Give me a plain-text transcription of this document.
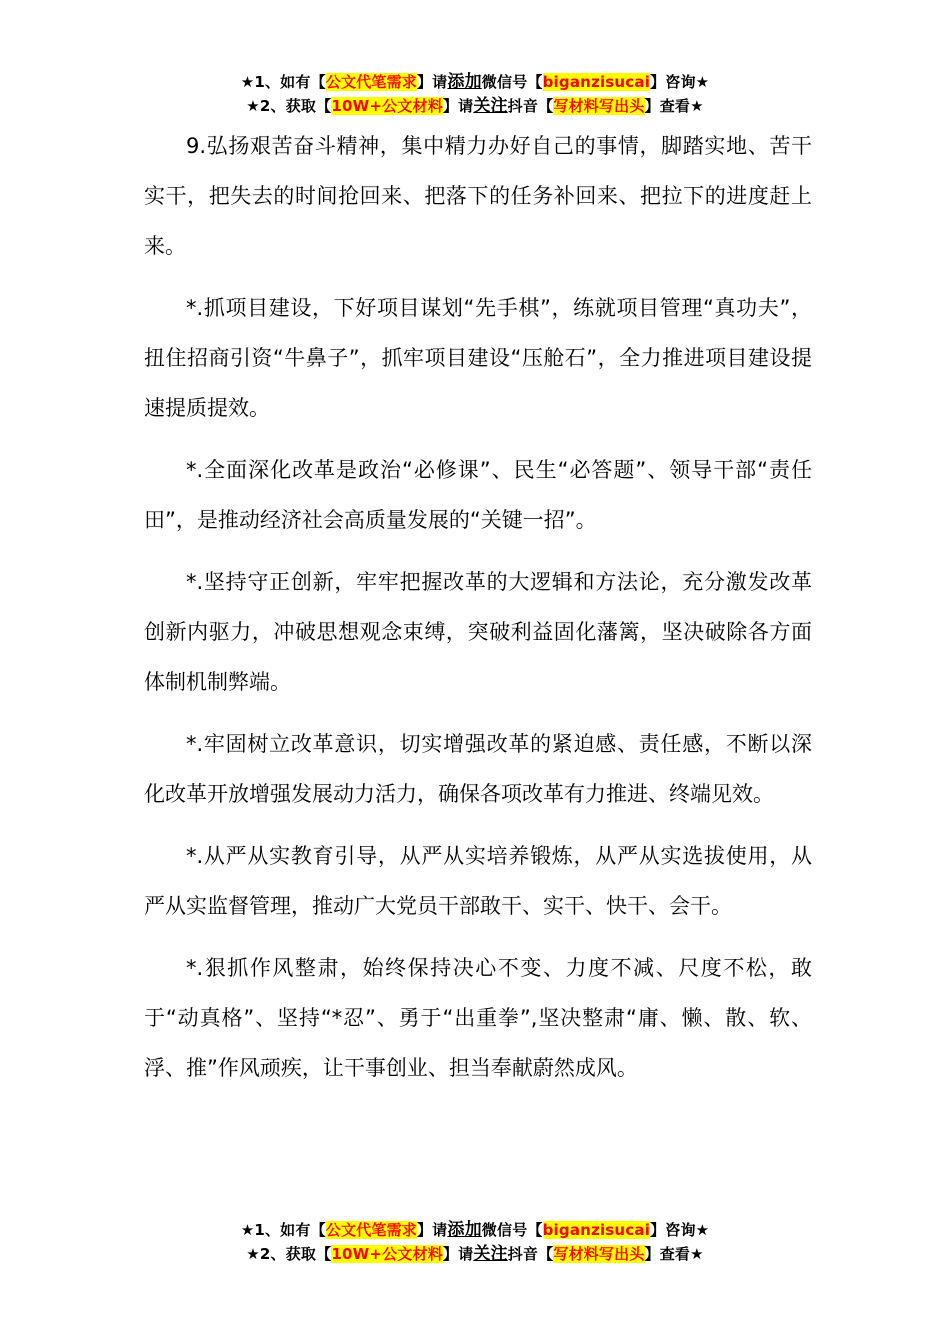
★1、如有【公文代笔需求】请添加微信号【biganzisucai】咨询★
★2、获取【10W+公文材料】请关注抖音【写材料写出头】查看★

9.弘扬艰苦奋斗精神，集中精力办好自己的事情，脚踏实地、苦干实干，把失去的时间抢回来、把落下的任务补回来、把拉下的进度赶上来。

*.抓项目建设，下好项目谋划“先手棋”，练就项目管理“真功夫”，扭住招商引资“牛鼻子”，抓牢项目建设“压舱石”，全力推进项目建设提速提质提效。

*.全面深化改革是政治“必修课”、民生“必答题”、领导干部“责任田”，是推动经济社会高质量发展的“关键一招”。

*.坚持守正创新，牢牢把握改革的大逻辑和方法论，充分激发改革创新内驱力，冲破思想观念束缚，突破利益固化藩篱，坚决破除各方面体制机制弊端。

*.牢固树立改革意识，切实增强改革的紧迫感、责任感，不断以深化改革开放增强发展动力活力，确保各项改革有力推进、终端见效。

*.从严从实教育引导，从严从实培养锻炼，从严从实选拔使用，从严从实监督管理，推动广大党员干部敢干、实干、快干、会干。

*.狠抓作风整肃，始终保持决心不变、力度不减、尺度不松，敢于“动真格”、坚持“*忍”、勇于“出重拳”,坚决整肃“庸、懒、散、软、浮、推”作风顽疾，让干事创业、担当奉献蔚然成风。

★1、如有【公文代笔需求】请添加微信号【biganzisucai】咨询★
★2、获取【10W+公文材料】请关注抖音【写材料写出头】查看★
